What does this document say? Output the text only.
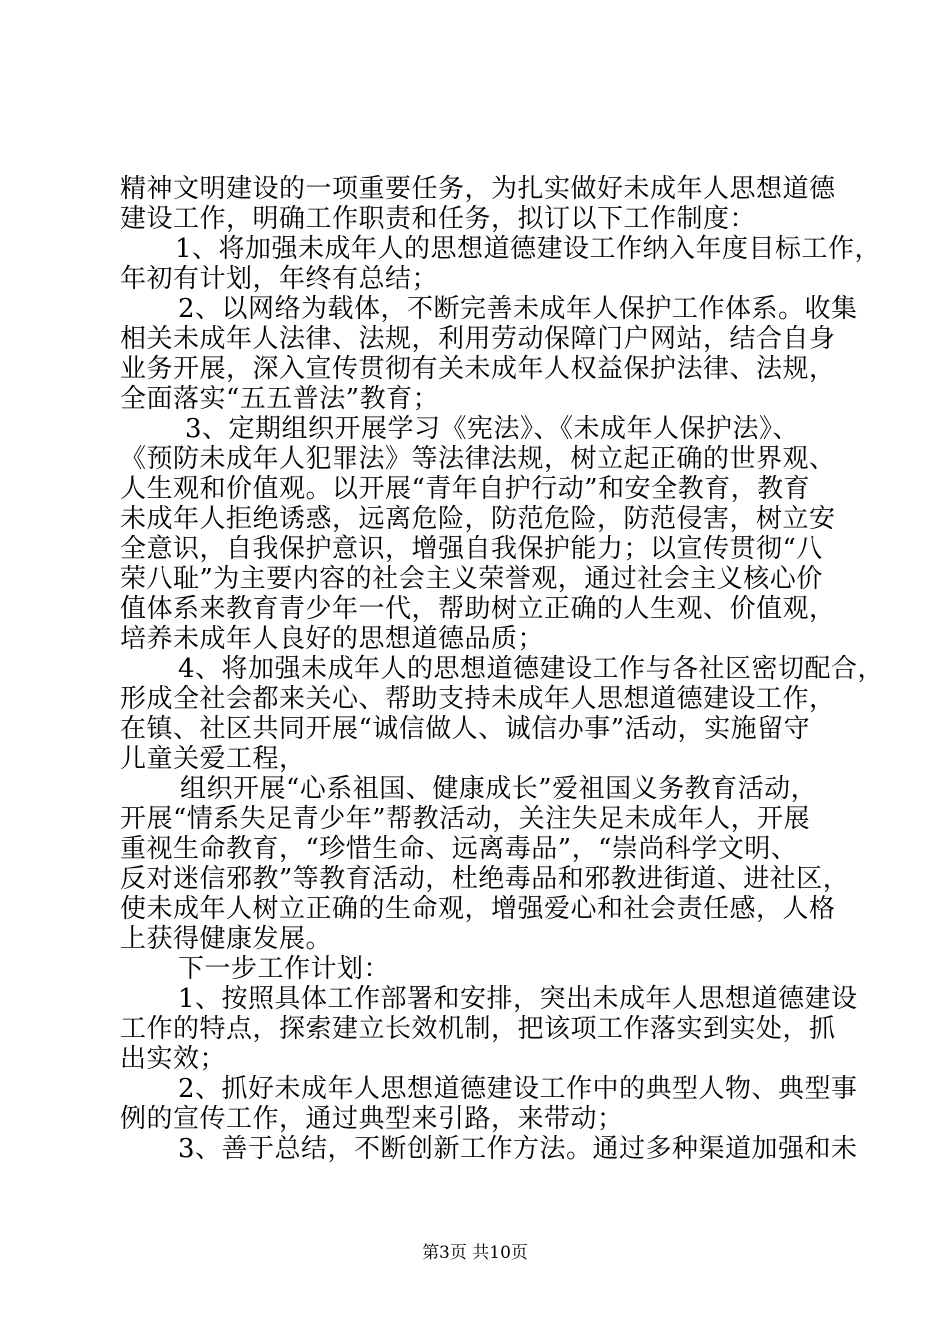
精神文明建设的一项重要任务，为扎实做好未成年人思想道德
建设工作，明确工作职责和任务，拟订以下工作制度：
1、将加强未成年人的思想道德建设工作纳入年度目标工作，
年初有计划，年终有总结；
2、以网络为载体，不断完善未成年人保护工作体系。收集
相关未成年人法律、法规，利用劳动保障门户网站，结合自身
业务开展，深入宣传贯彻有关未成年人权益保护法律、法规，
全面落实“五五普法”教育；
3、定期组织开展学习《宪法》、《未成年人保护法》、
《预防未成年人犯罪法》等法律法规，树立起正确的世界观、
人生观和价值观。以开展“青年自护行动”和安全教育，教育
未成年人拒绝诱惑，远离危险，防范危险，防范侵害，树立安
全意识，自我保护意识，增强自我保护能力；以宣传贯彻“八
荣八耻”为主要内容的社会主义荣誉观，通过社会主义核心价
值体系来教育青少年一代，帮助树立正确的人生观、价值观，
培养未成年人良好的思想道德品质；
4、将加强未成年人的思想道德建设工作与各社区密切配合，
形成全社会都来关心、帮助支持未成年人思想道德建设工作，
在镇、社区共同开展“诚信做人、诚信办事”活动，实施留守
儿童关爱工程，
组织开展“心系祖国、健康成长”爱祖国义务教育活动，
开展“情系失足青少年”帮教活动，关注失足未成年人，开展
重视生命教育，“珍惜生命、远离毒品”，“崇尚科学文明、
反对迷信邪教”等教育活动，杜绝毒品和邪教进街道、进社区，
使未成年人树立正确的生命观，增强爱心和社会责任感，人格
上获得健康发展。
下一步工作计划：
1、按照具体工作部署和安排，突出未成年人思想道德建设
工作的特点，探索建立长效机制，把该项工作落实到实处，抓
出实效；
2、抓好未成年人思想道德建设工作中的典型人物、典型事
例的宣传工作，通过典型来引路，来带动；
3、善于总结，不断创新工作方法。通过多种渠道加强和未
第3页 共10页
